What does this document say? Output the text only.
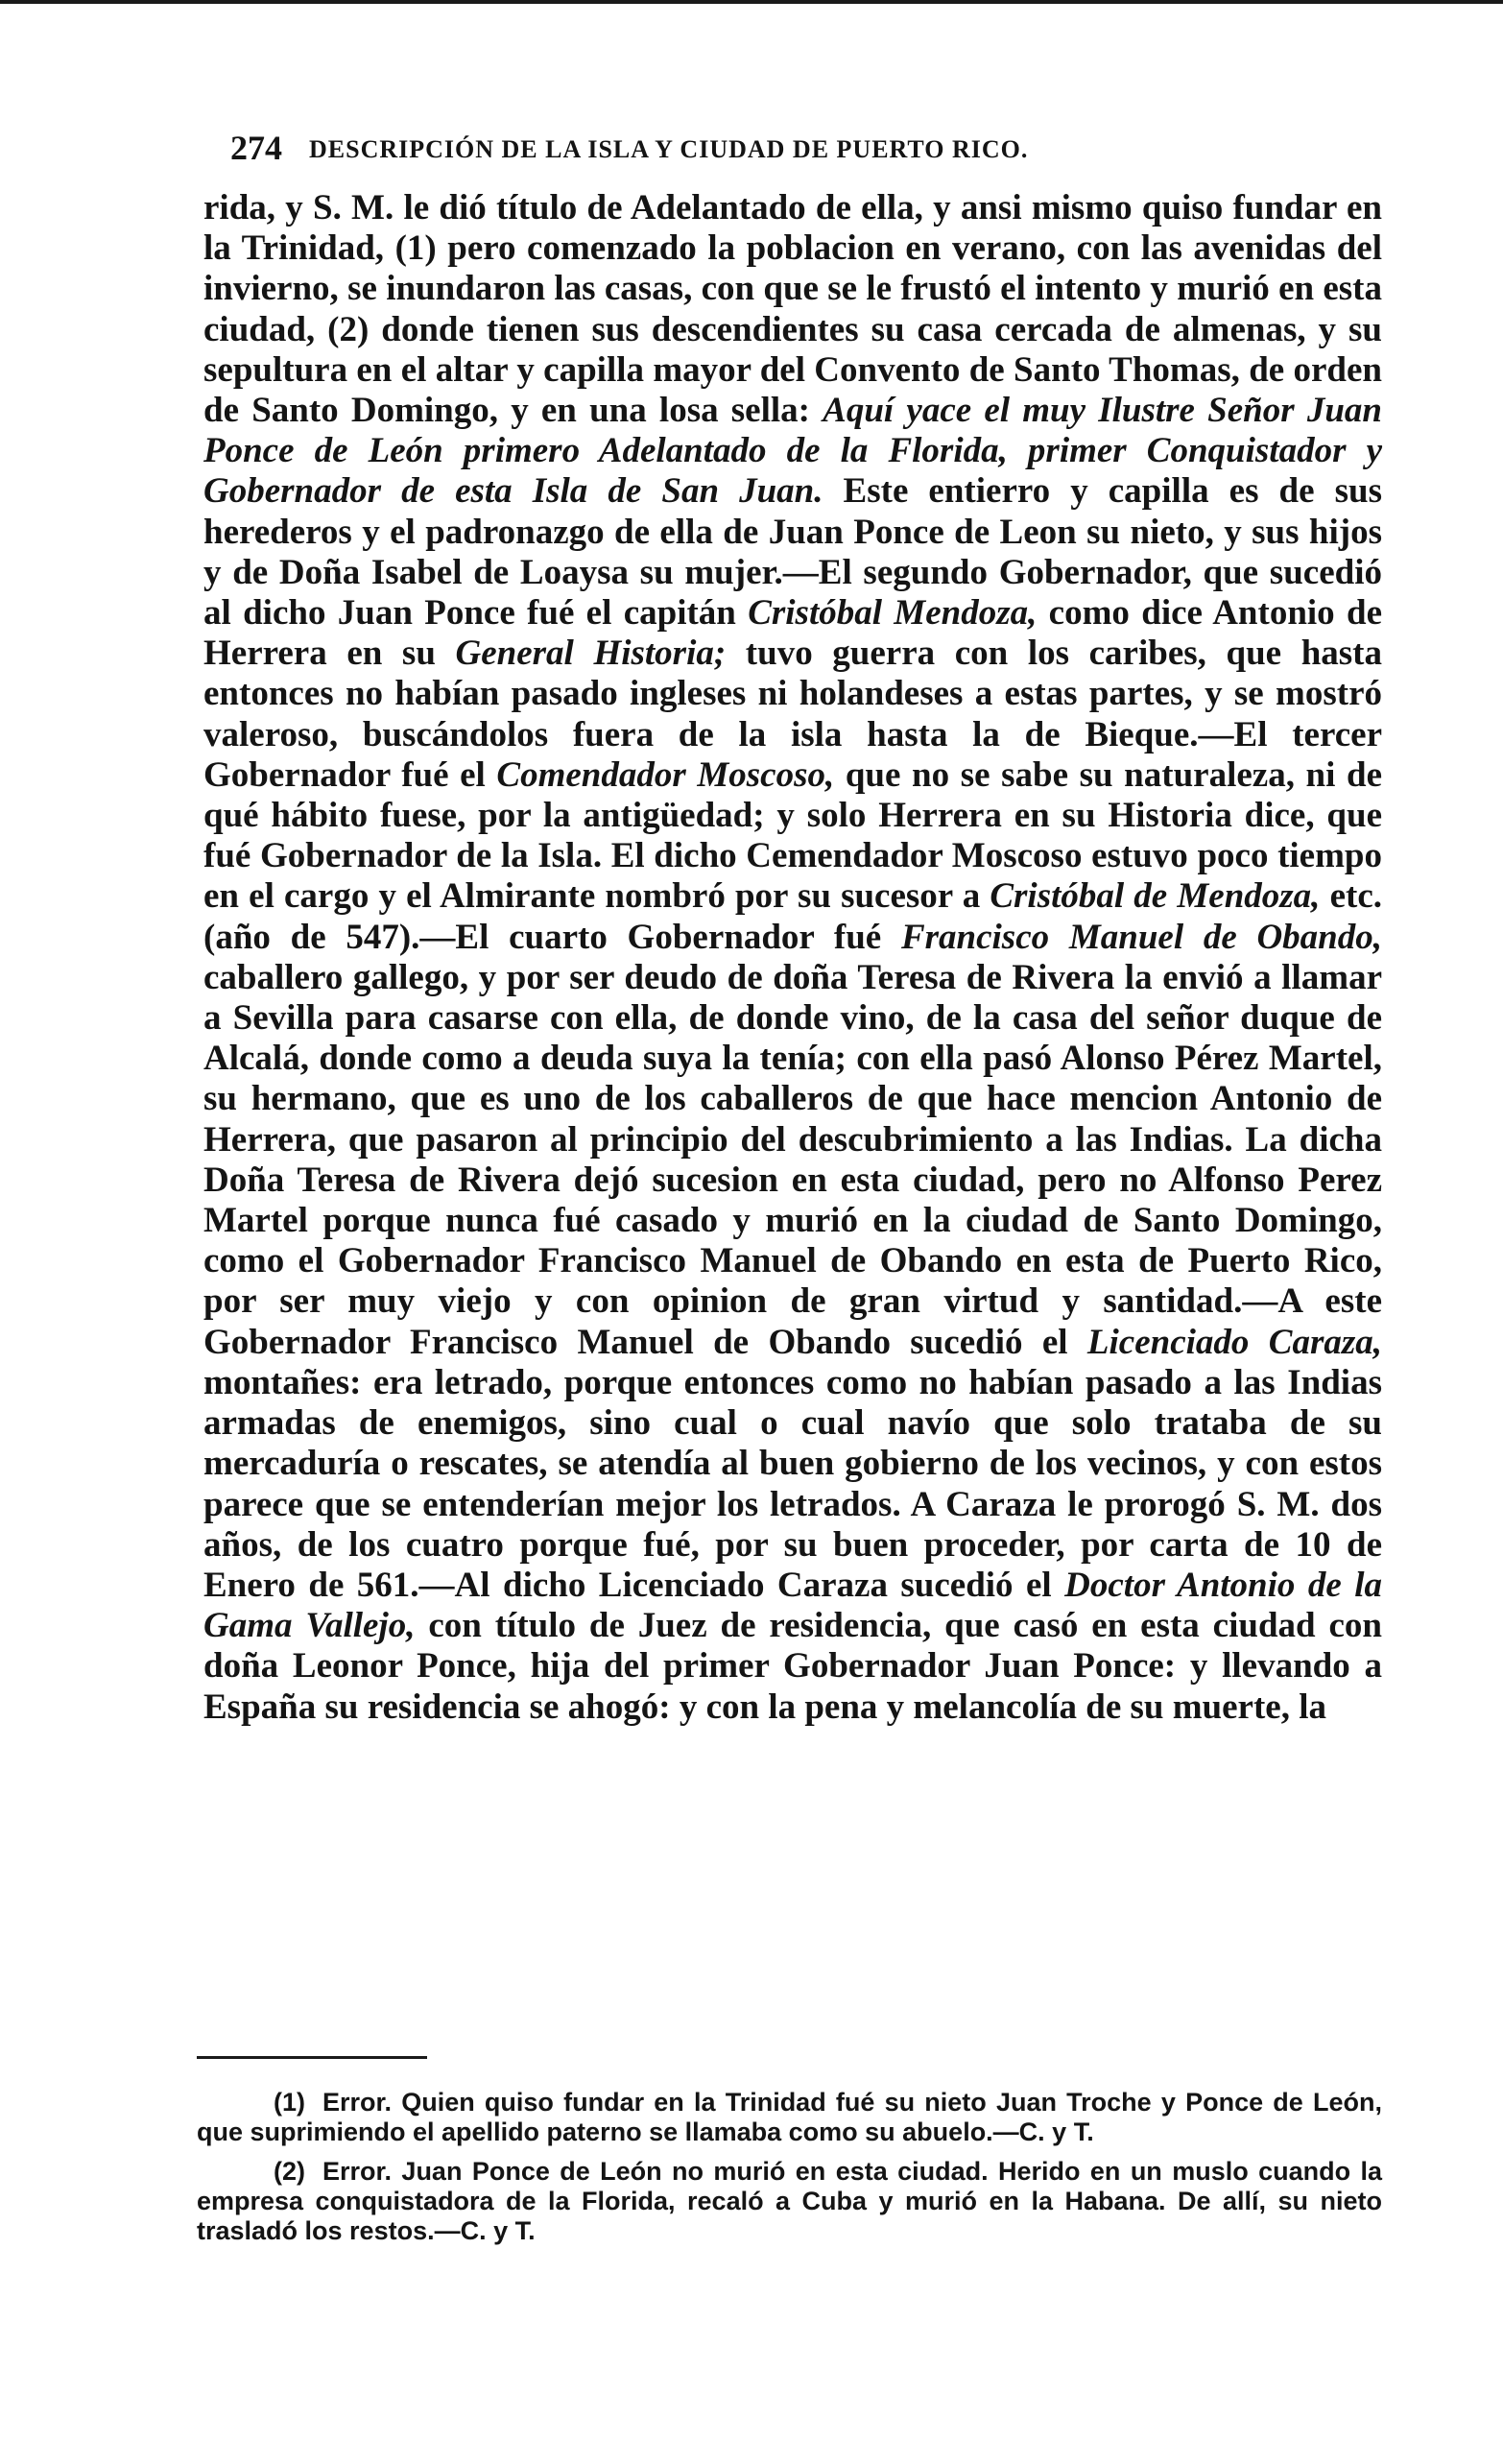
274 DESCRIPCIÓN DE LA ISLA Y CIUDAD DE PUERTO RICO.

rida, y S. M. le dió título de Adelantado de ella, y ansi mismo quiso fundar en la Trinidad, (1) pero comenzado la poblacion en verano, con las avenidas del invierno, se inundaron las casas, con que se le frustó el intento y murió en esta ciudad, (2) donde tienen sus descendientes su casa cercada de almenas, y su sepultura en el altar y capilla mayor del Convento de Santo Thomas, de orden de Santo Domingo, y en una losa sella: Aquí yace el muy Ilustre Señor Juan Ponce de León primero Adelantado de la Florida, primer Conquistador y Gobernador de esta Isla de San Juan. Este entierro y capilla es de sus herederos y el padronazgo de ella de Juan Ponce de Leon su nieto, y sus hijos y de Doña Isabel de Loaysa su mujer.—El segundo Gobernador, que sucedió al dicho Juan Ponce fué el capitán Cristóbal Mendoza, como dice Antonio de Herrera en su General Historia; tuvo guerra con los caribes, que hasta entonces no habían pasado ingleses ni holandeses a estas partes, y se mostró valeroso, buscándolos fuera de la isla hasta la de Bieque.—El tercer Gobernador fué el Comendador Moscoso, que no se sabe su naturaleza, ni de qué hábito fuese, por la antigüedad; y solo Herrera en su Historia dice, que fué Gobernador de la Isla. El dicho Cemendador Moscoso estuvo poco tiempo en el cargo y el Almirante nombró por su sucesor a Cristóbal de Mendoza, etc. (año de 547).—El cuarto Gobernador fué Francisco Manuel de Obando, caballero gallego, y por ser deudo de doña Teresa de Rivera la envió a llamar a Sevilla para casarse con ella, de donde vino, de la casa del señor duque de Alcalá, donde como a deuda suya la tenía; con ella pasó Alonso Pérez Martel, su hermano, que es uno de los caballeros de que hace mencion Antonio de Herrera, que pasaron al principio del descubrimiento a las Indias. La dicha Doña Teresa de Rivera dejó sucesion en esta ciudad, pero no Alfonso Perez Martel porque nunca fué casado y murió en la ciudad de Santo Domingo, como el Gobernador Francisco Manuel de Obando en esta de Puerto Rico, por ser muy viejo y con opinion de gran virtud y santidad.—A este Gobernador Francisco Manuel de Obando sucedió el Licenciado Caraza, montañes: era letrado, porque entonces como no habían pasado a las Indias armadas de enemigos, sino cual o cual navío que solo trataba de su mercaduría o rescates, se atendía al buen gobierno de los vecinos, y con estos parece que se entenderían mejor los letrados. A Caraza le prorogó S. M. dos años, de los cuatro porque fué, por su buen proceder, por carta de 10 de Enero de 561.—Al dicho Licenciado Caraza sucedió el Doctor Antonio de la Gama Vallejo, con título de Juez de residencia, que casó en esta ciudad con doña Leonor Ponce, hija del primer Gobernador Juan Ponce: y llevando a España su residencia se ahogó: y con la pena y melancolía de su muerte, la

(1) Error. Quien quiso fundar en la Trinidad fué su nieto Juan Troche y Ponce de León, que suprimiendo el apellido paterno se llamaba como su abuelo.—C. y T.

(2) Error. Juan Ponce de León no murió en esta ciudad. Herido en un muslo cuando la empresa conquistadora de la Florida, recaló a Cuba y murió en la Habana. De allí, su nieto trasladó los restos.—C. y T.
